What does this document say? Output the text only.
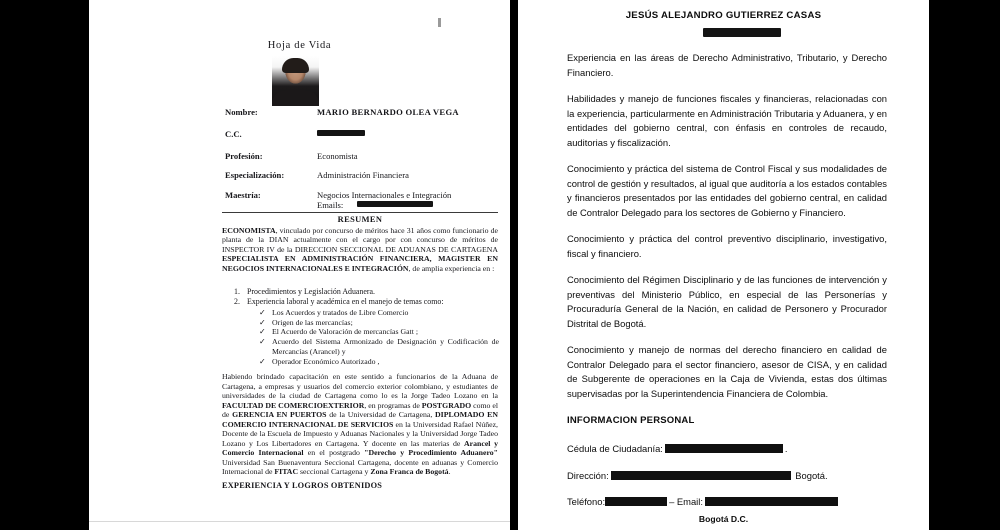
Hoja de Vida
Nombre:	MARIO BERNARDO OLEA VEGA
C.C.
Profesión:	Economista
Especialización:	Administración Financiera
Maestría:	Negocios Internacionales e Integración
Emails:
RESUMEN
ECONOMISTA, vinculado por concurso de méritos hace 31 años como funcionario de planta de la DIAN actualmente con el cargo por con concurso de méritos de INSPECTOR IV de la DIRECCION SECCIONAL DE ADUANAS DE CARTAGENA ESPECIALISTA EN ADMINISTRACIÓN FINANCIERA, MAGISTER EN NEGOCIOS INTERNACIONALES E INTEGRACIÓN, de amplia experiencia en :
1. Procedimientos y Legislación Aduanera.
2. Experiencia laboral y académica en el manejo de temas como:
✓ Los Acuerdos y tratados de Libre Comercio
✓ Origen de las mercancías;
✓ El Acuerdo de Valoración de mercancías Gatt ;
✓ Acuerdo del Sistema Armonizado de Designación y Codificación de Mercancías (Arancel) y
✓ Operador Económico Autorizado ,
Habiendo brindado capacitación en este sentido a funcionarios de la Aduana de Cartagena, a empresas y usuarios del comercio exterior colombiano, y estudiantes de universidades de la ciudad de Cartagena como lo es la Jorge Tadeo Lozano en la FACULTAD DE COMERCIOEXTERIOR, en programas de POSTGRADO como el de GERENCIA EN PUERTOS de la Universidad de Cartagena, DIPLOMADO EN COMERCIO INTERNACIONAL DE SERVICIOS en la Universidad Rafael Núñez, Docente de la Escuela de Impuesto y Aduanas Nacionales y la Universidad Jorge Tadeo Lozano y Los Libertadores en Cartagena. Y docente en las materias de Arancel y Comercio Internacional en el postgrado "Derecho y Procedimiento Aduanero" Universidad San Buenaventura Seccional Cartagena, docente en aduanas y Comercio Internacional de FITAC seccional Cartagena y Zona Franca de Bogotá.
EXPERIENCIA Y LOGROS OBTENIDOS
JESÚS ALEJANDRO GUTIERREZ CASAS
Experiencia en las áreas de Derecho Administrativo, Tributario, y Derecho Financiero.
Habilidades y manejo de funciones fiscales y financieras, relacionadas con la experiencia, particularmente en Administración Tributaria y Aduanera, y en entidades del gobierno central, con énfasis en controles de recaudo, auditorias y fiscalización.
Conocimiento y práctica del sistema de Control Fiscal y sus modalidades de control de gestión y resultados, al igual que auditoría a los estados contables y financieros presentados por las entidades del gobierno central, en calidad de Contralor Delegado para los sectores de Gobierno y Financiero.
Conocimiento y práctica del control preventivo disciplinario, investigativo, fiscal y financiero.
Conocimiento del Régimen Disciplinario y de las funciones de intervención y preventivas del Ministerio Público, en especial de las Personerías y Procuraduría General de la Nación, en calidad de Personero y Procurador Distrital de Bogotá.
Conocimiento y manejo de normas del derecho financiero en calidad de Contralor Delegado para el sector financiero, asesor de CISA, y en calidad de Subgerente de operaciones en la Caja de Vivienda, estas dos últimas supervisadas por la Superintendencia Financiera de Colombia.
INFORMACION PERSONAL
Cédula de Ciudadanía:	.
Dirección:	Bogotá.
Teléfono:	– Email:
Bogotá D.C.
